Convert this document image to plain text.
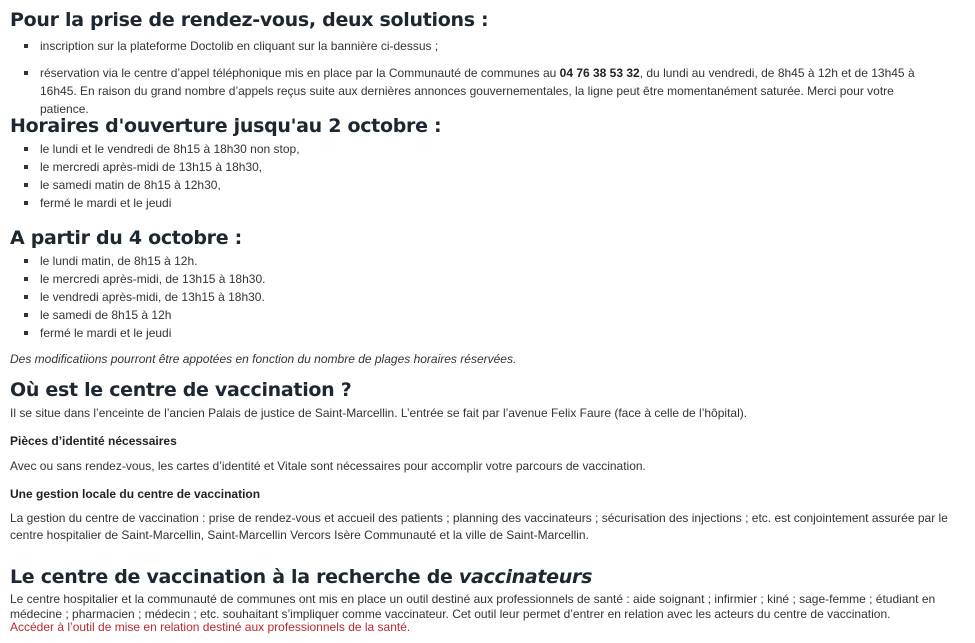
Pour la prise de rendez-vous, deux solutions :
inscription sur la plateforme Doctolib en cliquant sur la bannière ci-dessus ;
réservation via le centre d’appel téléphonique mis en place par la Communauté de communes au 04 76 38 53 32, du lundi au vendredi, de 8h45 à 12h et de 13h45 à 16h45. En raison du grand nombre d’appels reçus suite aux dernières annonces gouvernementales, la ligne peut être momentanément saturée. Merci pour votre patience.
Horaires d'ouverture jusqu'au 2 octobre :
le lundi et le vendredi de 8h15 à 18h30 non stop,
le mercredi après-midi de 13h15 à 18h30,
le samedi matin de 8h15 à 12h30,
fermé le mardi et le jeudi
A partir du 4 octobre :
le lundi matin, de 8h15 à 12h.
le mercredi après-midi, de 13h15 à 18h30.
le vendredi après-midi, de 13h15 à 18h30.
le samedi de 8h15 à 12h
fermé le mardi et le jeudi

Des modificatiions pourront être appotées en fonction du nombre de plages horaires réservées.

Où est le centre de vaccination ?

Il se situe dans l’enceinte de l’ancien Palais de justice de Saint-Marcellin. L’entrée se fait par l’avenue Felix Faure (face à celle de l’hôpital).

Pièces d’identité nécessaires

Avec ou sans rendez-vous, les cartes d’identité et Vitale sont nécessaires pour accomplir votre parcours de vaccination.

Une gestion locale du centre de vaccination

La gestion du centre de vaccination : prise de rendez-vous et accueil des patients ; planning des vaccinateurs ; sécurisation des injections ; etc. est conjointement assurée par le centre hospitalier de Saint-Marcellin, Saint-Marcellin Vercors Isère Communauté et la ville de Saint-Marcellin.

Le centre de vaccination à la recherche de vaccinateurs

Le centre hospitalier et la communauté de communes ont mis en place un outil destiné aux professionnels de santé : aide soignant ; infirmier ; kiné ; sage-femme ; étudiant en médecine ; pharmacien ; médecin ; etc. souhaitant s’impliquer comme vaccinateur. Cet outil leur permet d’entrer en relation avec les acteurs du centre de vaccination.

Accéder à l’outil de mise en relation destiné aux professionnels de la santé.
